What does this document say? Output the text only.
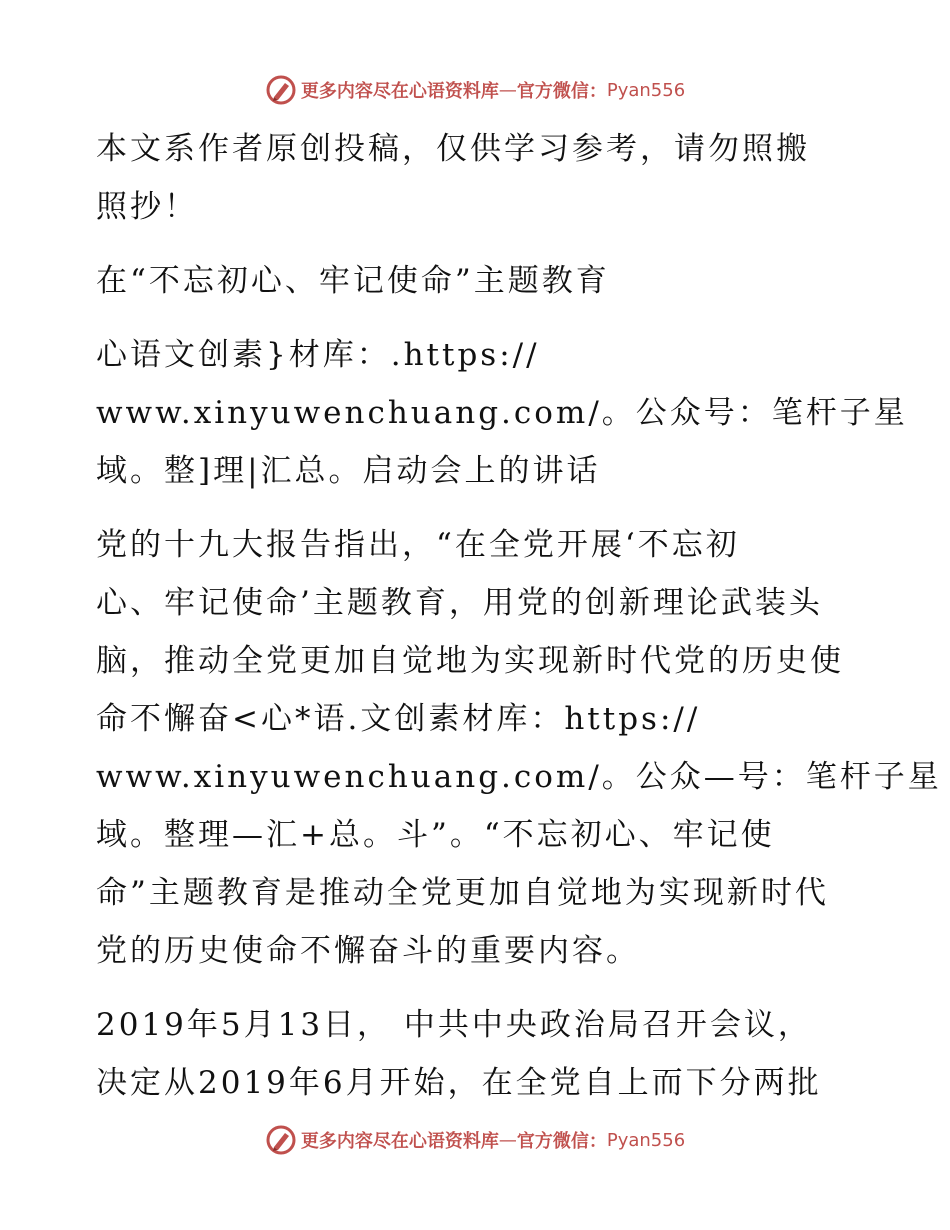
更多内容尽在心语资料库 — 官方微信： Pyan556
本文系作者原创投稿，仅供学习参考，请勿照搬
照抄！
在“不忘初心、牢记使命”主题教育
心语文创素}材库：.https://
www.xinyuwenchuang.com/。公众号：笔杆子星
域。整]理|汇总。启动会上的讲话
党的十九大报告指出，“在全党开展‘不忘初
心、牢记使命’主题教育，用党的创新理论武装头
脑，推动全党更加自觉地为实现新时代党的历史使
命不懈奋<心*语.文创素材库：https://
www.xinyuwenchuang.com/。公众—号：笔杆子星
域。整理—汇+总。斗”。“不忘初心、牢记使
命”主题教育是推动全党更加自觉地为实现新时代
党的历史使命不懈奋斗的重要内容。
2019年5月13日， 中共中央政治局召开会议，
决定从2019年6月开始，在全党自上而下分两批
更多内容尽在心语资料库 — 官方微信： Pyan556
